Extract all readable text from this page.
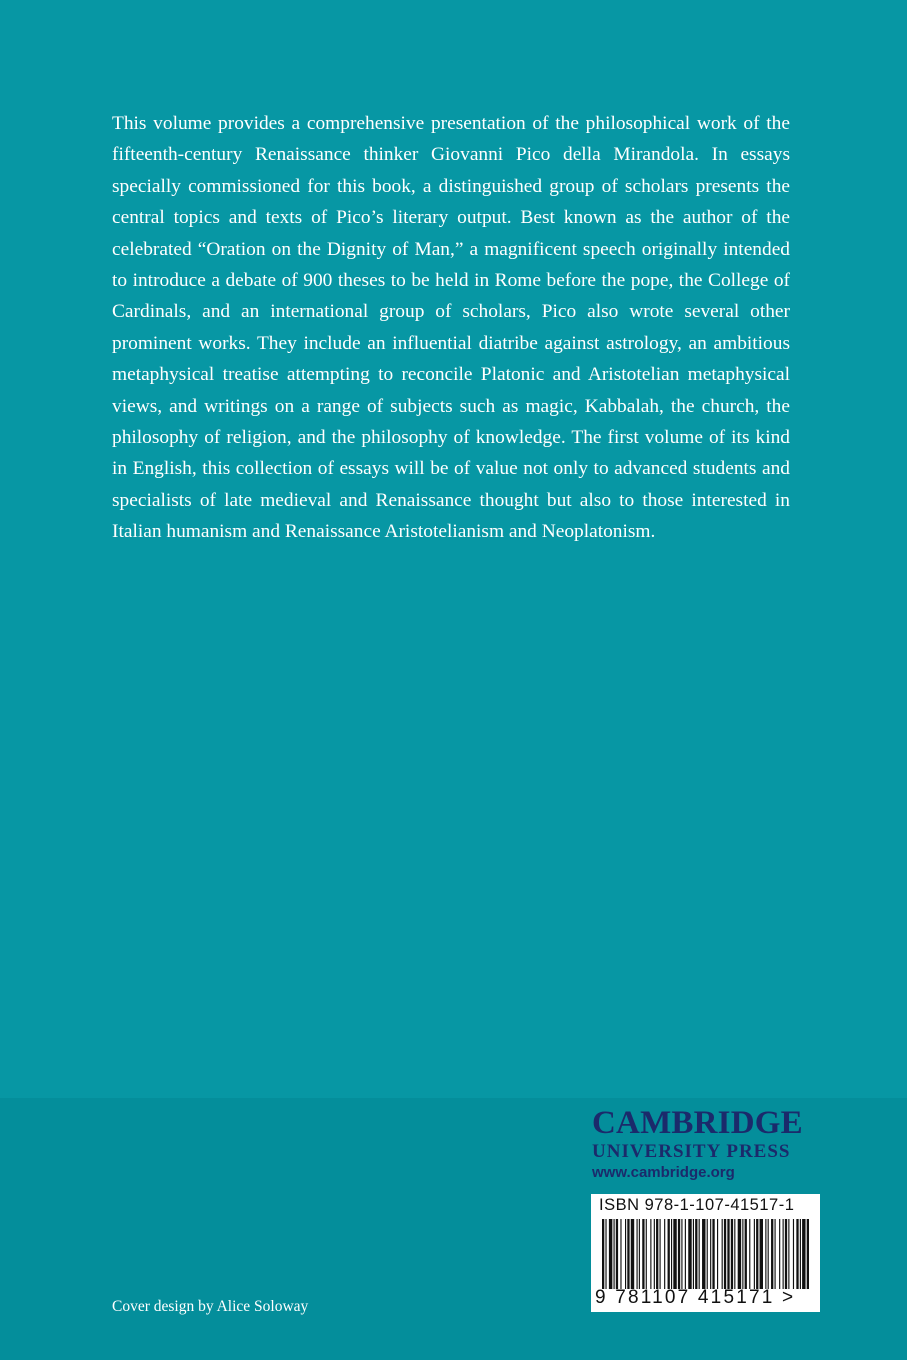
This volume provides a comprehensive presentation of the philosophical work of the fifteenth-century Renaissance thinker Giovanni Pico della Mirandola. In essays specially commissioned for this book, a distinguished group of scholars presents the central topics and texts of Pico’s literary output. Best known as the author of the celebrated “Oration on the Dignity of Man,” a magnificent speech originally intended to introduce a debate of 900 theses to be held in Rome before the pope, the College of Cardinals, and an international group of scholars, Pico also wrote several other prominent works. They include an influential diatribe against astrology, an ambitious metaphysical treatise attempting to reconcile Platonic and Aristotelian metaphysical views, and writings on a range of subjects such as magic, Kabbalah, the church, the philosophy of religion, and the philosophy of knowledge. The first volume of its kind in English, this collection of essays will be of value not only to advanced students and specialists of late medieval and Renaissance thought but also to those interested in Italian humanism and Renaissance Aristotelianism and Neoplatonism.

CAMBRIDGE
UNIVERSITY PRESS
www.cambridge.org
ISBN 978-1-107-41517-1
9 781107 415171 >
Cover design by Alice Soloway
